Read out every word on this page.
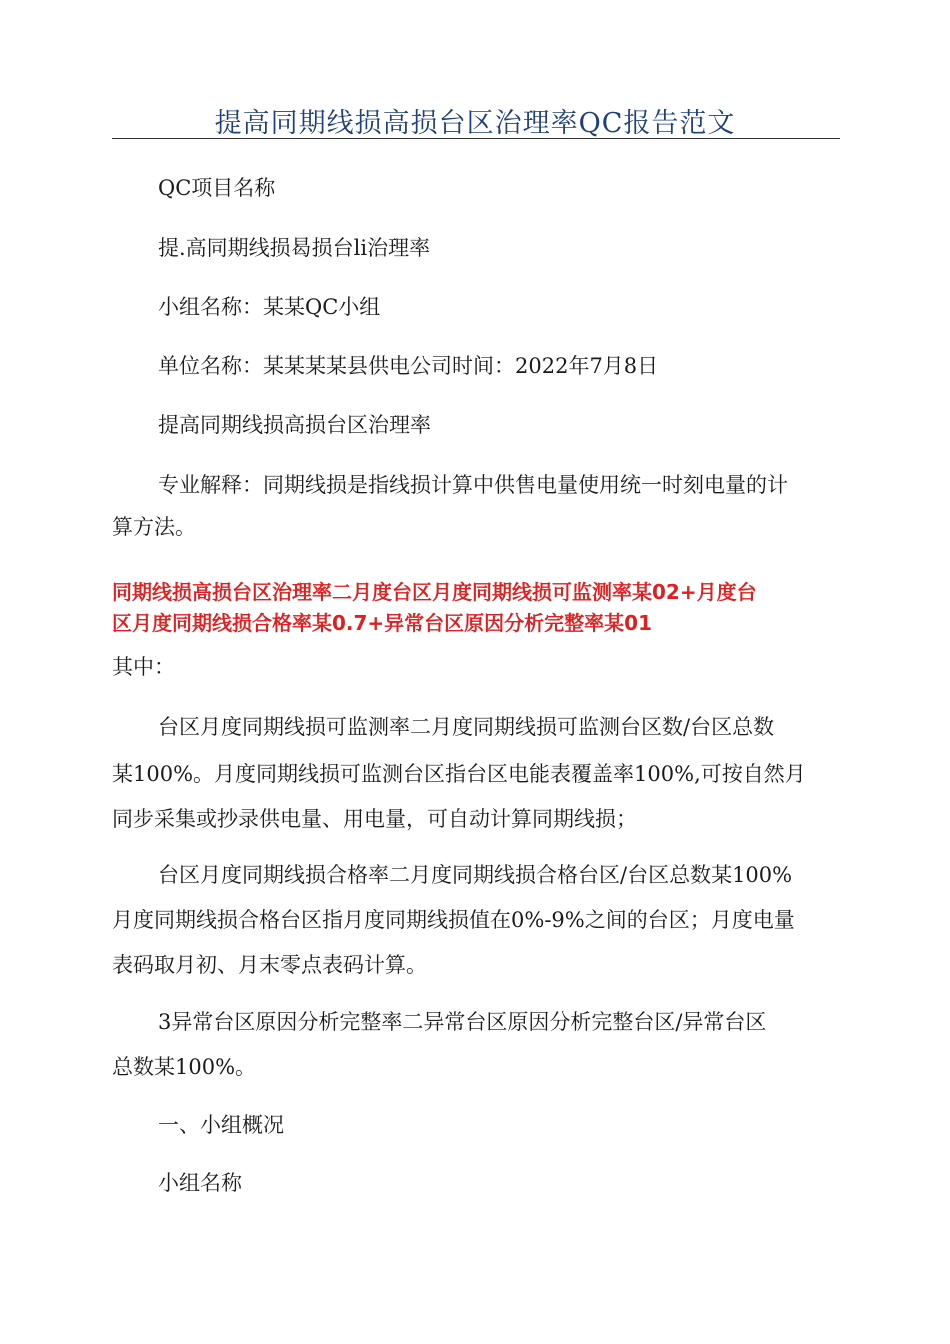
提高同期线损高损台区治理率QC报告范文
QC项目名称
提.高同期线损曷损台li治理率
小组名称：某某QC小组
单位名称：某某某某县供电公司时间：2022年7月8日
提高同期线损高损台区治理率
专业解释：同期线损是指线损计算中供售电量使用统一时刻电量的计
算方法。
同期线损高损台区治理率二月度台区月度同期线损可监测率某02+月度台
区月度同期线损合格率某0.7+异常台区原因分析完整率某01
其中：
台区月度同期线损可监测率二月度同期线损可监测台区数/台区总数
某100%。月度同期线损可监测台区指台区电能表覆盖率100%,可按自然月
同步采集或抄录供电量、用电量，可自动计算同期线损；
台区月度同期线损合格率二月度同期线损合格台区/台区总数某100%
月度同期线损合格台区指月度同期线损值在0%-9%之间的台区；月度电量
表码取月初、月末零点表码计算。
3异常台区原因分析完整率二异常台区原因分析完整台区/异常台区
总数某100%。
一、小组概况
小组名称
